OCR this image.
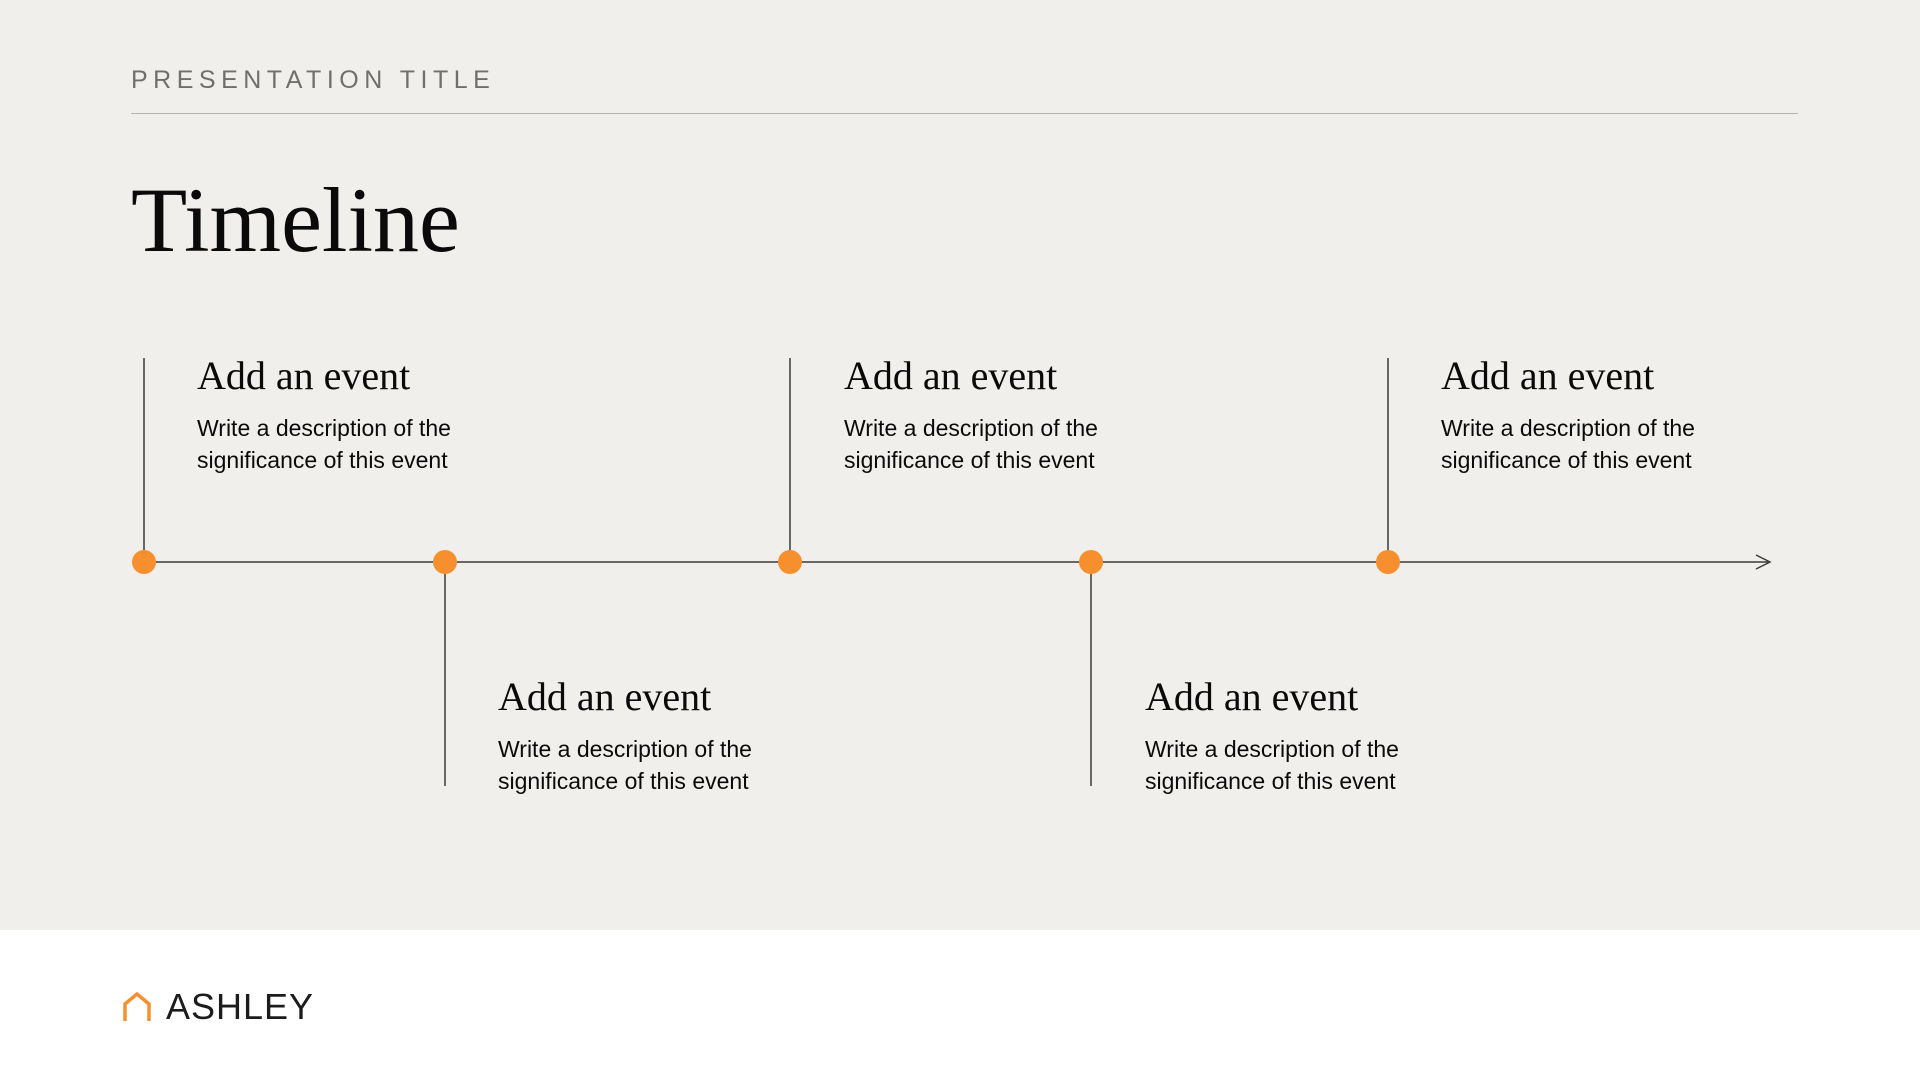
PRESENTATION TITLE
Timeline
Add an event
Write a description of the significance of this event
Add an event
Write a description of the significance of this event
Add an event
Write a description of the significance of this event
Add an event
Write a description of the significance of this event
Add an event
Write a description of the significance of this event
ASHLEY
